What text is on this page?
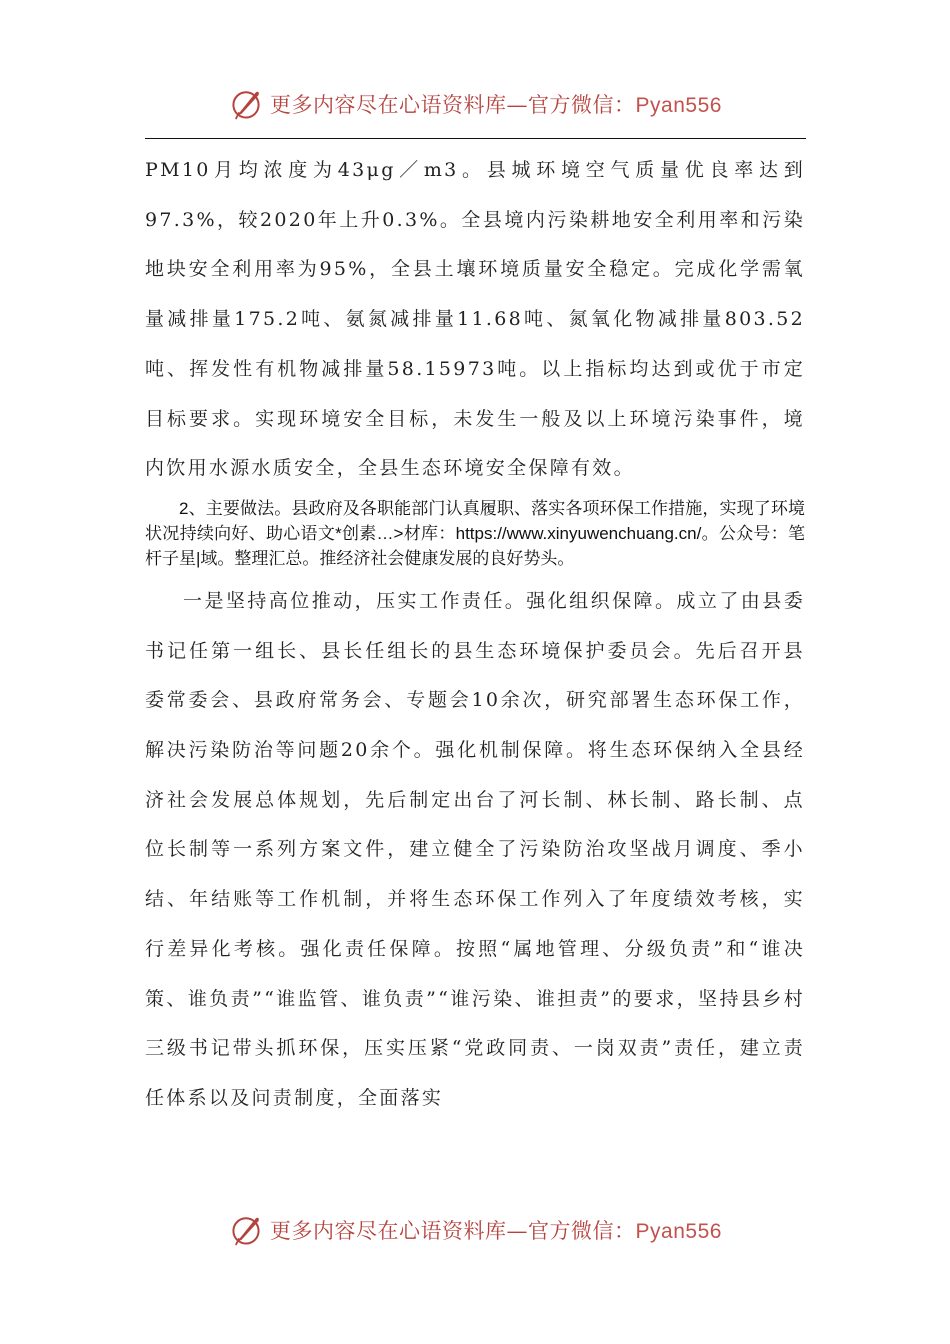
更多内容尽在心语资料库—官方微信：Pyan556

PM10月均浓度为43μg／m3。县城环境空气质量优良率达到97.3%，较2020年上升0.3%。全县境内污染耕地安全利用率和污染地块安全利用率为95%，全县土壤环境质量安全稳定。完成化学需氧量减排量175.2吨、氨氮减排量11.68吨、氮氧化物减排量803.52吨、挥发性有机物减排量58.15973吨。以上指标均达到或优于市定目标要求。实现环境安全目标，未发生一般及以上环境污染事件，境内饮用水源水质安全，全县生态环境安全保障有效。

2、主要做法。县政府及各职能部门认真履职、落实各项环保工作措施，实现了环境状况持续向好、助心语文*创素…>材库：https://www.xinyuwenchuang.cn/。公众号：笔杆子星|域。整理汇总。推经济社会健康发展的良好势头。

一是坚持高位推动，压实工作责任。强化组织保障。成立了由县委书记任第一组长、县长任组长的县生态环境保护委员会。先后召开县委常委会、县政府常务会、专题会10余次，研究部署生态环保工作，解决污染防治等问题20余个。强化机制保障。将生态环保纳入全县经济社会发展总体规划，先后制定出台了河长制、林长制、路长制、点位长制等一系列方案文件，建立健全了污染防治攻坚战月调度、季小结、年结账等工作机制，并将生态环保工作列入了年度绩效考核，实行差异化考核。强化责任保障。按照“属地管理、分级负责”和“谁决策、谁负责”“谁监管、谁负责”“谁污染、谁担责”的要求，坚持县乡村三级书记带头抓环保，压实压紧“党政同责、一岗双责”责任，建立责任体系以及问责制度，全面落实

更多内容尽在心语资料库—官方微信：Pyan556
